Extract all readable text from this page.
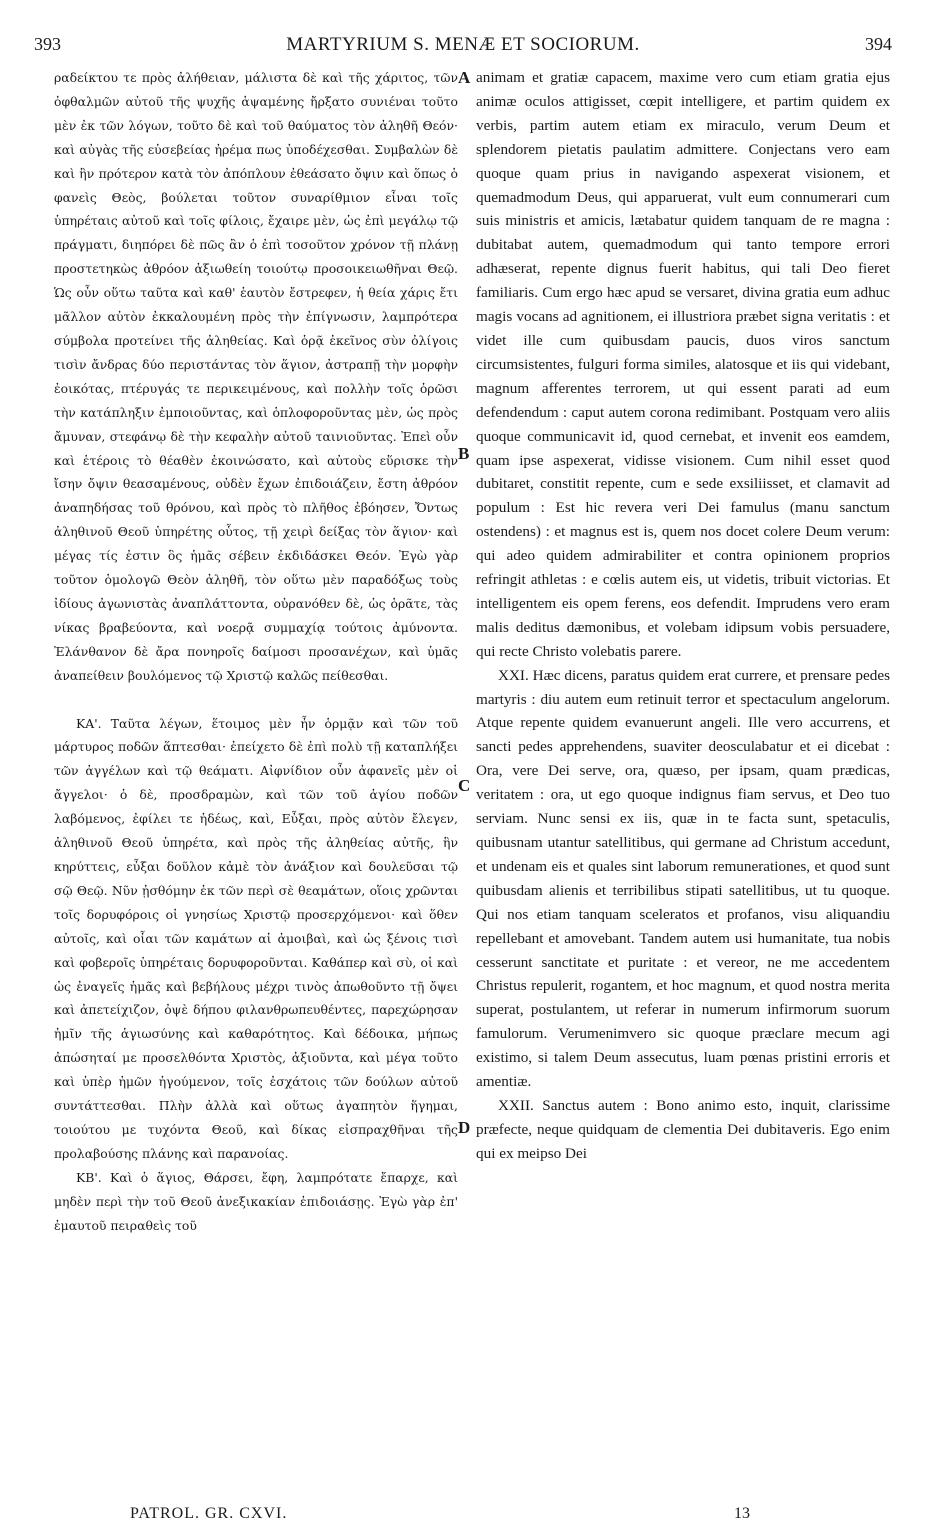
393	MARTYRIUM S. MENÆ ET SOCIORUM.	394

ραδείκτου τε πρὸς ἀλήθειαν, μάλιστα δὲ καὶ τῆς χάριτος, τῶν ὀφθαλμῶν αὐτοῦ τῆς ψυχῆς ἁψαμένης ἤρξατο συνιέναι τοῦτο μὲν ἐκ τῶν λόγων, τοῦτο δὲ καὶ τοῦ θαύματος τὸν ἀληθῆ Θεόν· καὶ αὐγὰς τῆς εὐσεβείας ἠρέμα πως ὑποδέχεσθαι. Συμβαλὼν δὲ καὶ ἣν πρότερον κατὰ τὸν ἀπόπλουν ἐθεάσατο ὄψιν καὶ ὅπως ὁ φανεὶς Θεὸς, βούλεται τοῦτον συναρίθμιον εἶναι τοῖς ὑπηρέταις αὐτοῦ καὶ τοῖς φίλοις, ἔχαιρε μὲν, ὡς ἐπὶ μεγάλῳ τῷ πράγματι, διηπόρει δὲ πῶς ἂν ὁ ἐπὶ τοσοῦτον χρόνον τῇ πλάνῃ προστετηκὼς ἀθρόον ἀξιωθείη τοιούτῳ προσοικειωθῆναι Θεῷ. Ὡς οὖν οὕτω ταῦτα καὶ καθ' ἑαυτὸν ἔστρεφεν, ἡ θεία χάρις ἔτι μᾶλλον αὐτὸν ἐκκαλουμένη πρὸς τὴν ἐπίγνωσιν, λαμπρότερα σύμβολα προτείνει τῆς ἀληθείας. Καὶ ὁρᾷ ἐκεῖνος σὺν ὀλίγοις τισὶν ἄνδρας δύο περιστάντας τὸν ἅγιον, ἀστραπῇ τὴν μορφὴν ἐοικότας, πτέρυγάς τε περικειμένους, καὶ πολλὴν τοῖς ὁρῶσι τὴν κατάπληξιν ἐμποιοῦντας, καὶ ὁπλοφοροῦντας μὲν, ὡς πρὸς ἄμυναν, στεφάνῳ δὲ τὴν κεφαλὴν αὐτοῦ ταινιοῦντας. Ἐπεὶ οὖν καὶ ἑτέροις τὸ θέαθὲν ἐκοινώσατο, καὶ αὐτοὺς εὕρισκε τὴν ἴσην ὄψιν θεασαμένους, οὐδὲν ἔχων ἐπιδοιάζειν, ἔστη ἀθρόον ἀναπηδήσας τοῦ θρόνου, καὶ πρὸς τὸ πλῆθος ἐβόησεν, Ὄντως ἀληθινοῦ Θεοῦ ὑπηρέτης οὗτος, τῇ χειρὶ δείξας τὸν ἅγιον· καὶ μέγας τίς ἐστιν ὃς ἡμᾶς σέβειν ἐκδιδάσκει Θεόν. Ἐγὼ γὰρ τοῦτον ὁμολογῶ Θεὸν ἀληθῆ, τὸν οὕτω μὲν παραδόξως τοὺς ἰδίους ἀγωνιστὰς ἀναπλάττοντα, οὐρανόθεν δὲ, ὡς ὁρᾶτε, τὰς νίκας βραβεύοντα, καὶ νοερᾷ συμμαχίᾳ τούτοις ἀμύνοντα. Ἐλάνθανον δὲ ἄρα πονηροῖς δαίμοσι προσανέχων, καὶ ὑμᾶς ἀναπείθειν βουλόμενος τῷ Χριστῷ καλῶς πείθεσθαι.

ΚΑ'. Ταῦτα λέγων, ἕτοιμος μὲν ἦν ὁρμᾷν καὶ τῶν τοῦ μάρτυρος ποδῶν ἅπτεσθαι· ἐπείχετο δὲ ἐπὶ πολὺ τῇ καταπλήξει τῶν ἀγγέλων καὶ τῷ θεάματι. Αἰφνίδιον οὖν ἀφανεῖς μὲν οἱ ἄγγελοι· ὁ δὲ, προσδραμὼν, καὶ τῶν τοῦ ἁγίου ποδῶν λαβόμενος, ἐφίλει τε ἡδέως, καὶ, Εὖξαι, πρὸς αὐτὸν ἔλεγεν, ἀληθινοῦ Θεοῦ ὑπηρέτα, καὶ πρὸς τῆς ἀληθείας αὐτῆς, ἣν κηρύττεις, εὖξαι δοῦλον κἀμὲ τὸν ἀνάξιον καὶ δουλεῦσαι τῷ σῷ Θεῷ. Νῦν ᾐσθόμην ἐκ τῶν περὶ σὲ θεαμάτων, οἵοις χρῶνται τοῖς δορυφόροις οἱ γνησίως Χριστῷ προσερχόμενοι· καὶ ὅθεν αὐτοῖς, καὶ οἷαι τῶν καμάτων αἱ ἀμοιβαὶ, καὶ ὡς ξένοις τισὶ καὶ φοβεροῖς ὑπηρέταις δορυφοροῦνται. Καθάπερ καὶ σὺ, οἱ καὶ ὡς ἐναγεῖς ἡμᾶς καὶ βεβήλους μέχρι τινὸς ἀπωθοῦντο τῇ ὄψει καὶ ἀπετείχιζον, ὀψὲ δήπου φιλανθρωπευθέντες, παρεχώρησαν ἡμῖν τῆς ἁγιωσύνης καὶ καθαρότητος. Καὶ δέδοικα, μήπως ἀπώσηταί με προσελθόντα Χριστὸς, ἀξιοῦντα, καὶ μέγα τοῦτο καὶ ὑπὲρ ἡμῶν ἡγούμενον, τοῖς ἐσχάτοις τῶν δούλων αὐτοῦ συντάττεσθαι. Πλὴν ἀλλὰ καὶ οὕτως ἀγαπητὸν ἥγημαι, τοιούτου με τυχόντα Θεοῦ, καὶ δίκας εἰσπραχθῆναι τῆς προλαβούσης πλάνης καὶ παρανοίας.

ΚΒ'. Καὶ ὁ ἅγιος, Θάρσει, ἔφη, λαμπρότατε ἔπαρχε, καὶ μηδὲν περὶ τὴν τοῦ Θεοῦ ἀνεξικακίαν ἐπιδοιάσῃς. Ἐγὼ γὰρ ἐπ' ἐμαυτοῦ πειραθεὶς τοῦ

animam et gratiæ capacem, maxime vero cum etiam gratia ejus animæ oculos attigisset, cœpit intelligere, et partim quidem ex verbis, partim autem etiam ex miraculo, verum Deum et splendorem pietatis paulatim admittere. Conjectans vero eam quoque quam prius in navigando aspexerat visionem, et quemadmodum Deus, qui apparuerat, vult eum connumerari cum suis ministris et amicis, lætabatur quidem tanquam de re magna : dubitabat autem, quemadmodum qui tanto tempore errori adhæserat, repente dignus fuerit habitus, qui tali Deo fieret familiaris. Cum ergo hæc apud se versaret, divina gratia eum adhuc magis vocans ad agnitionem, ei illustriora præbet signa veritatis : et videt ille cum quibusdam paucis, duos viros sanctum circumsistentes, fulguri forma similes, alatosque et iis qui videbant, magnum afferentes terrorem, ut qui essent parati ad eum defendendum : caput autem corona redimibant. Postquam vero aliis quoque communicavit id, quod cernebat, et invenit eos eamdem, quam ipse aspexerat, vidisse visionem. Cum nihil esset quod dubitaret, constitit repente, cum e sede exsiliisset, et clamavit ad populum : Est hic revera veri Dei famulus (manu sanctum ostendens) : et magnus est is, quem nos docet colere Deum verum: qui adeo quidem admirabiliter et contra opinionem proprios refringit athletas : e cœlis autem eis, ut videtis, tribuit victorias. Et intelligentem eis opem ferens, eos defendit. Imprudens vero eram malis deditus dæmonibus, et volebam idipsum vobis persuadere, qui recte Christo volebatis parere.

XXI. Hæc dicens, paratus quidem erat currere, et prensare pedes martyris : diu autem eum retinuit terror et spectaculum angelorum. Atque repente quidem evanuerunt angeli. Ille vero accurrens, et sancti pedes apprehendens, suaviter deosculabatur et ei dicebat : Ora, vere Dei serve, ora, quæso, per ipsam, quam prædicas, veritatem : ora, ut ego quoque indignus fiam servus, et Deo tuo serviam. Nunc sensi ex iis, quæ in te facta sunt, spetaculis, quibusnam utantur satellitibus, qui germane ad Christum accedunt, et undenam eis et quales sint laborum remunerationes, et quod sunt quibusdam alienis et terribilibus stipati satellitibus, ut tu quoque. Qui nos etiam tanquam sceleratos et profanos, visu aliquandiu repellebant et amovebant. Tandem autem usi humanitate, tua nobis cesserunt sanctitate et puritate : et vereor, ne me accedentem Christus repulerit, rogantem, et hoc magnum, et quod nostra merita superat, postulantem, ut referar in numerum infirmorum suorum famulorum. Verumenimvero sic quoque præclare mecum agi existimo, si talem Deum assecutus, luam pœnas pristini erroris et amentiæ.

XXII. Sanctus autem : Bono animo esto, inquit, clarissime præfecte, neque quidquam de clementia Dei dubitaveris. Ego enim qui ex meipso Dei

A
B
C
D
PATROL. GR. CXVI.	13
